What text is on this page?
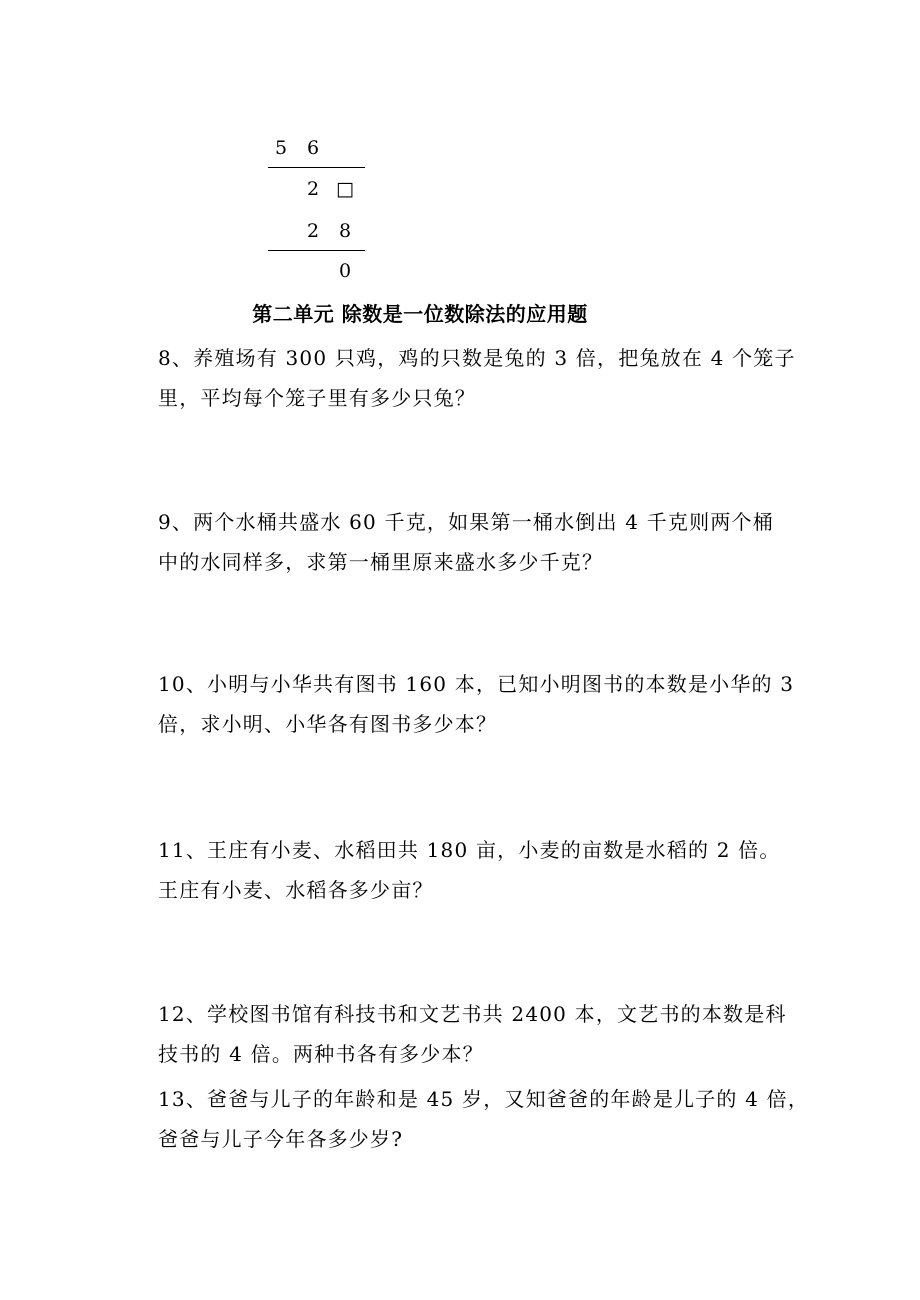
5 6
2 □
2 8
0
第二单元 除数是一位数除法的应用题

8、养殖场有 300 只鸡，鸡的只数是兔的 3 倍，把兔放在 4 个笼子

里，平均每个笼子里有多少只兔？

9、两个水桶共盛水 60 千克，如果第一桶水倒出 4 千克则两个桶

中的水同样多，求第一桶里原来盛水多少千克？

10、小明与小华共有图书 160 本，已知小明图书的本数是小华的 3

倍，求小明、小华各有图书多少本？

11、王庄有小麦、水稻田共 180 亩，小麦的亩数是水稻的 2 倍。

王庄有小麦、水稻各多少亩？

12、学校图书馆有科技书和文艺书共 2400 本，文艺书的本数是科

技书的 4 倍。两种书各有多少本？

13、爸爸与儿子的年龄和是 45 岁，又知爸爸的年龄是儿子的 4 倍，

爸爸与儿子今年各多少岁?
